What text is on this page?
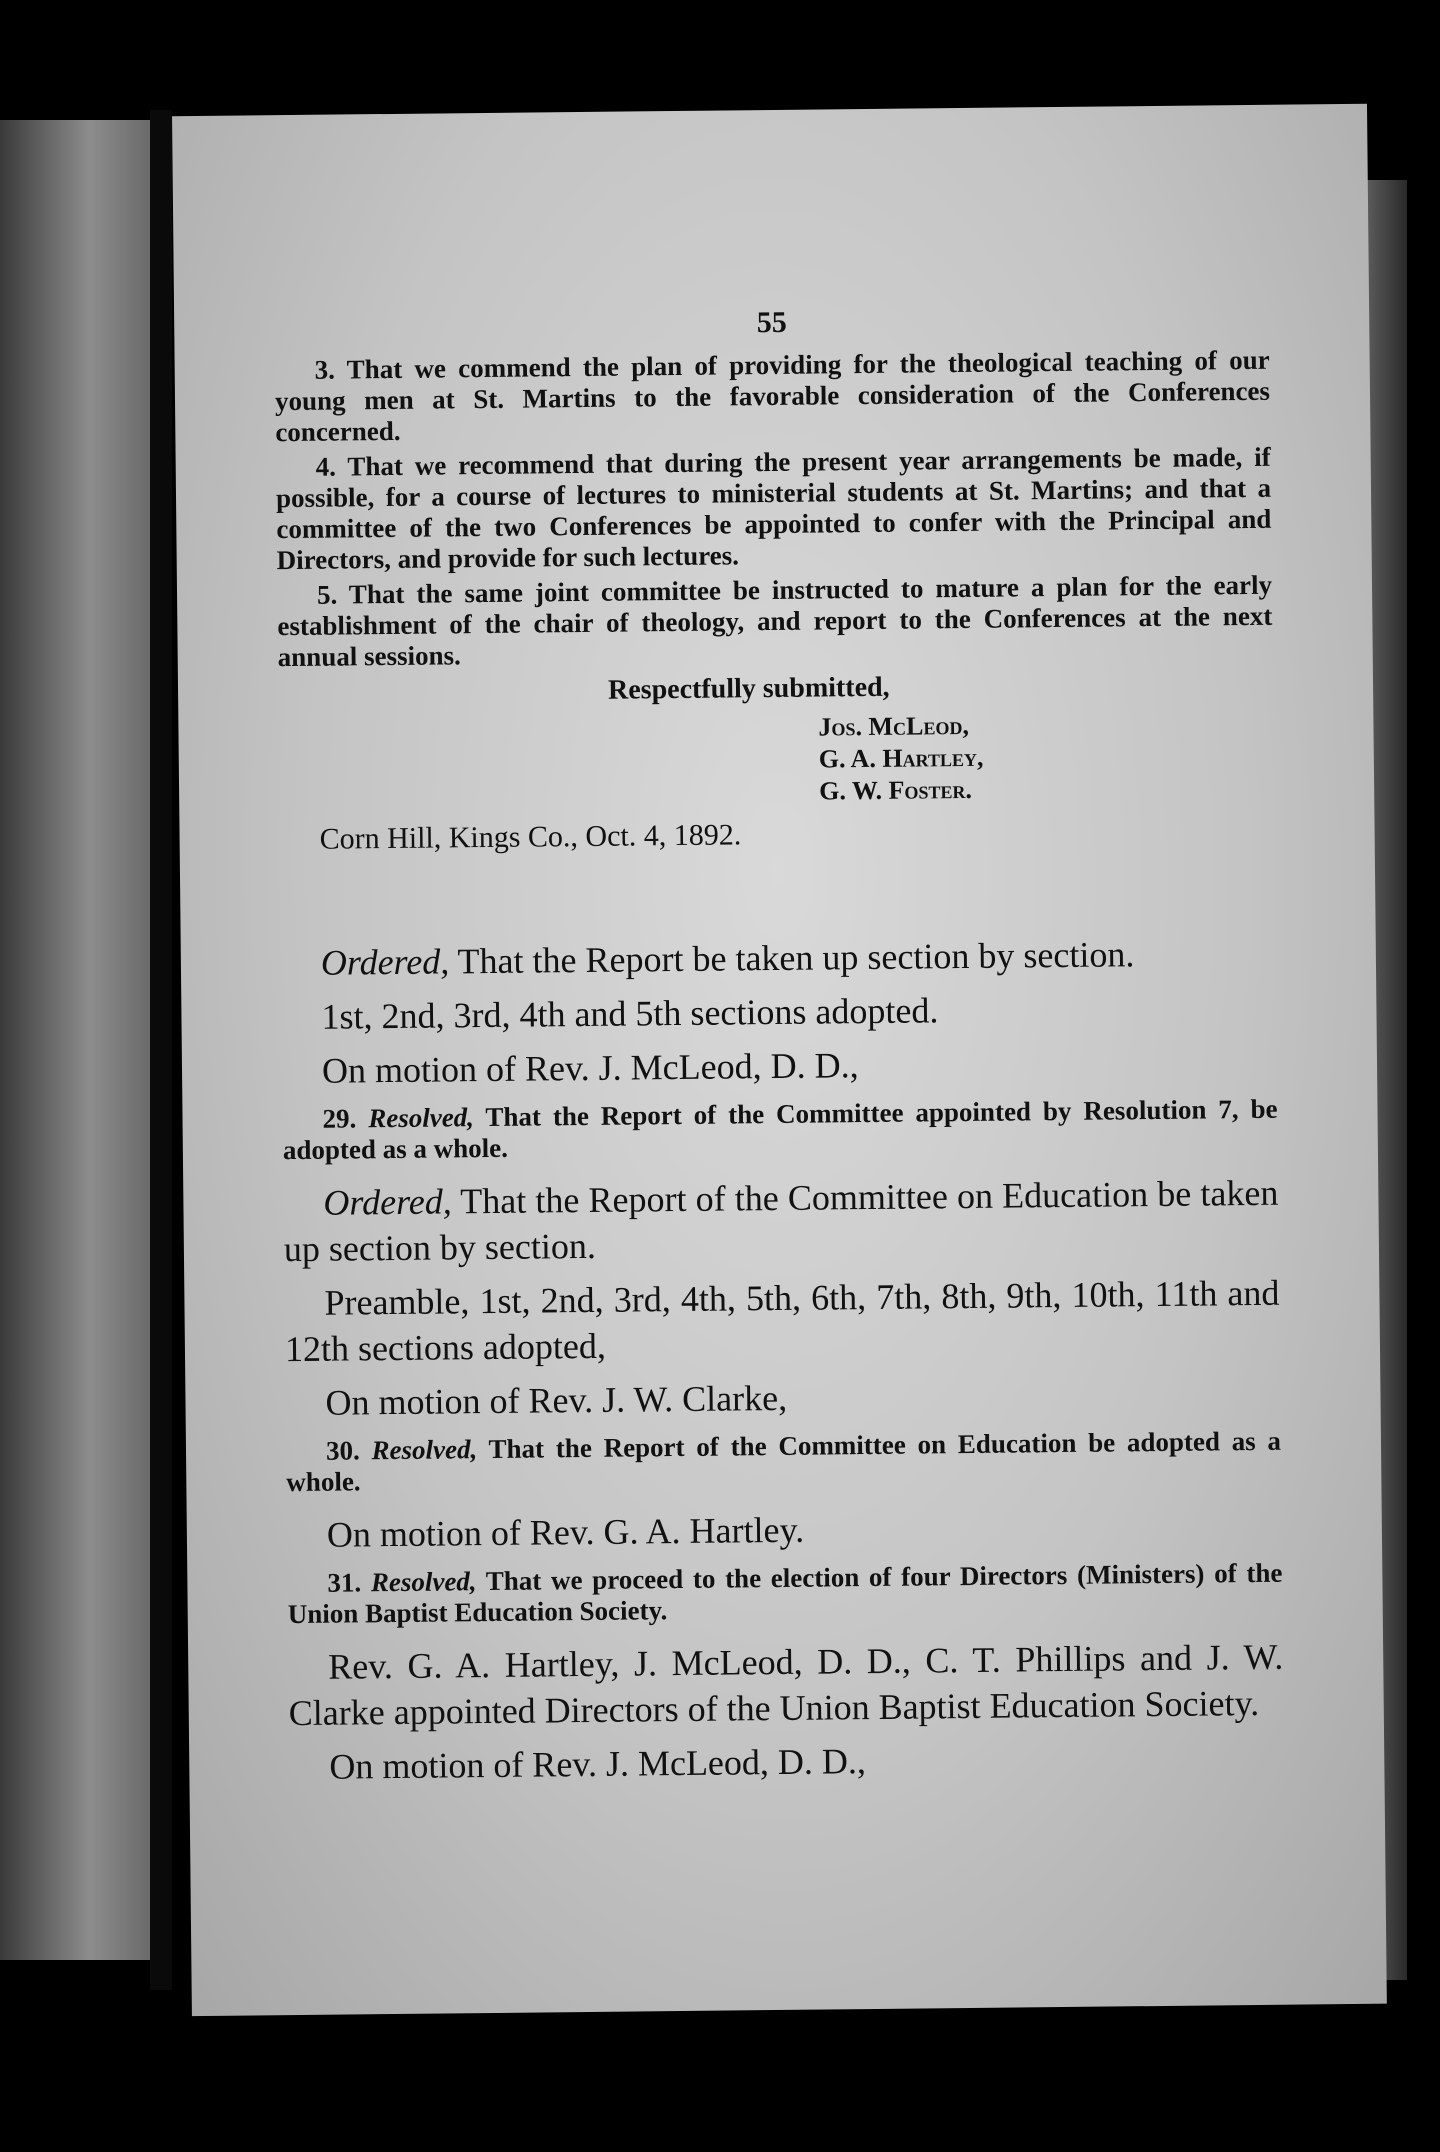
55

3. That we commend the plan of providing for the theological teaching of our young men at St. Martins to the favorable consideration of the Conferences concerned.

4. That we recommend that during the present year arrangements be made, if possible, for a course of lectures to ministerial students at St. Martins; and that a committee of the two Conferences be appointed to confer with the Principal and Directors, and provide for such lectures.

5. That the same joint committee be instructed to mature a plan for the early establishment of the chair of theology, and report to the Conferences at the next annual sessions.

Respectfully submitted,

Jos. McLeod,

G. A. Hartley,

G. W. Foster.

Corn Hill, Kings Co., Oct. 4, 1892.

Ordered, That the Report be taken up section by section.

1st, 2nd, 3rd, 4th and 5th sections adopted.

On motion of Rev. J. McLeod, D. D.,

29. Resolved, That the Report of the Committee appointed by Resolution 7, be adopted as a whole.

Ordered, That the Report of the Committee on Education be taken up section by section.

Preamble, 1st, 2nd, 3rd, 4th, 5th, 6th, 7th, 8th, 9th, 10th, 11th and 12th sections adopted,

On motion of Rev. J. W. Clarke,

30. Resolved, That the Report of the Committee on Education be adopted as a whole.

On motion of Rev. G. A. Hartley.

31. Resolved, That we proceed to the election of four Directors (Ministers) of the Union Baptist Education Society.

Rev. G. A. Hartley, J. McLeod, D. D., C. T. Phillips and J. W. Clarke appointed Directors of the Union Baptist Education Society.

On motion of Rev. J. McLeod, D. D.,
